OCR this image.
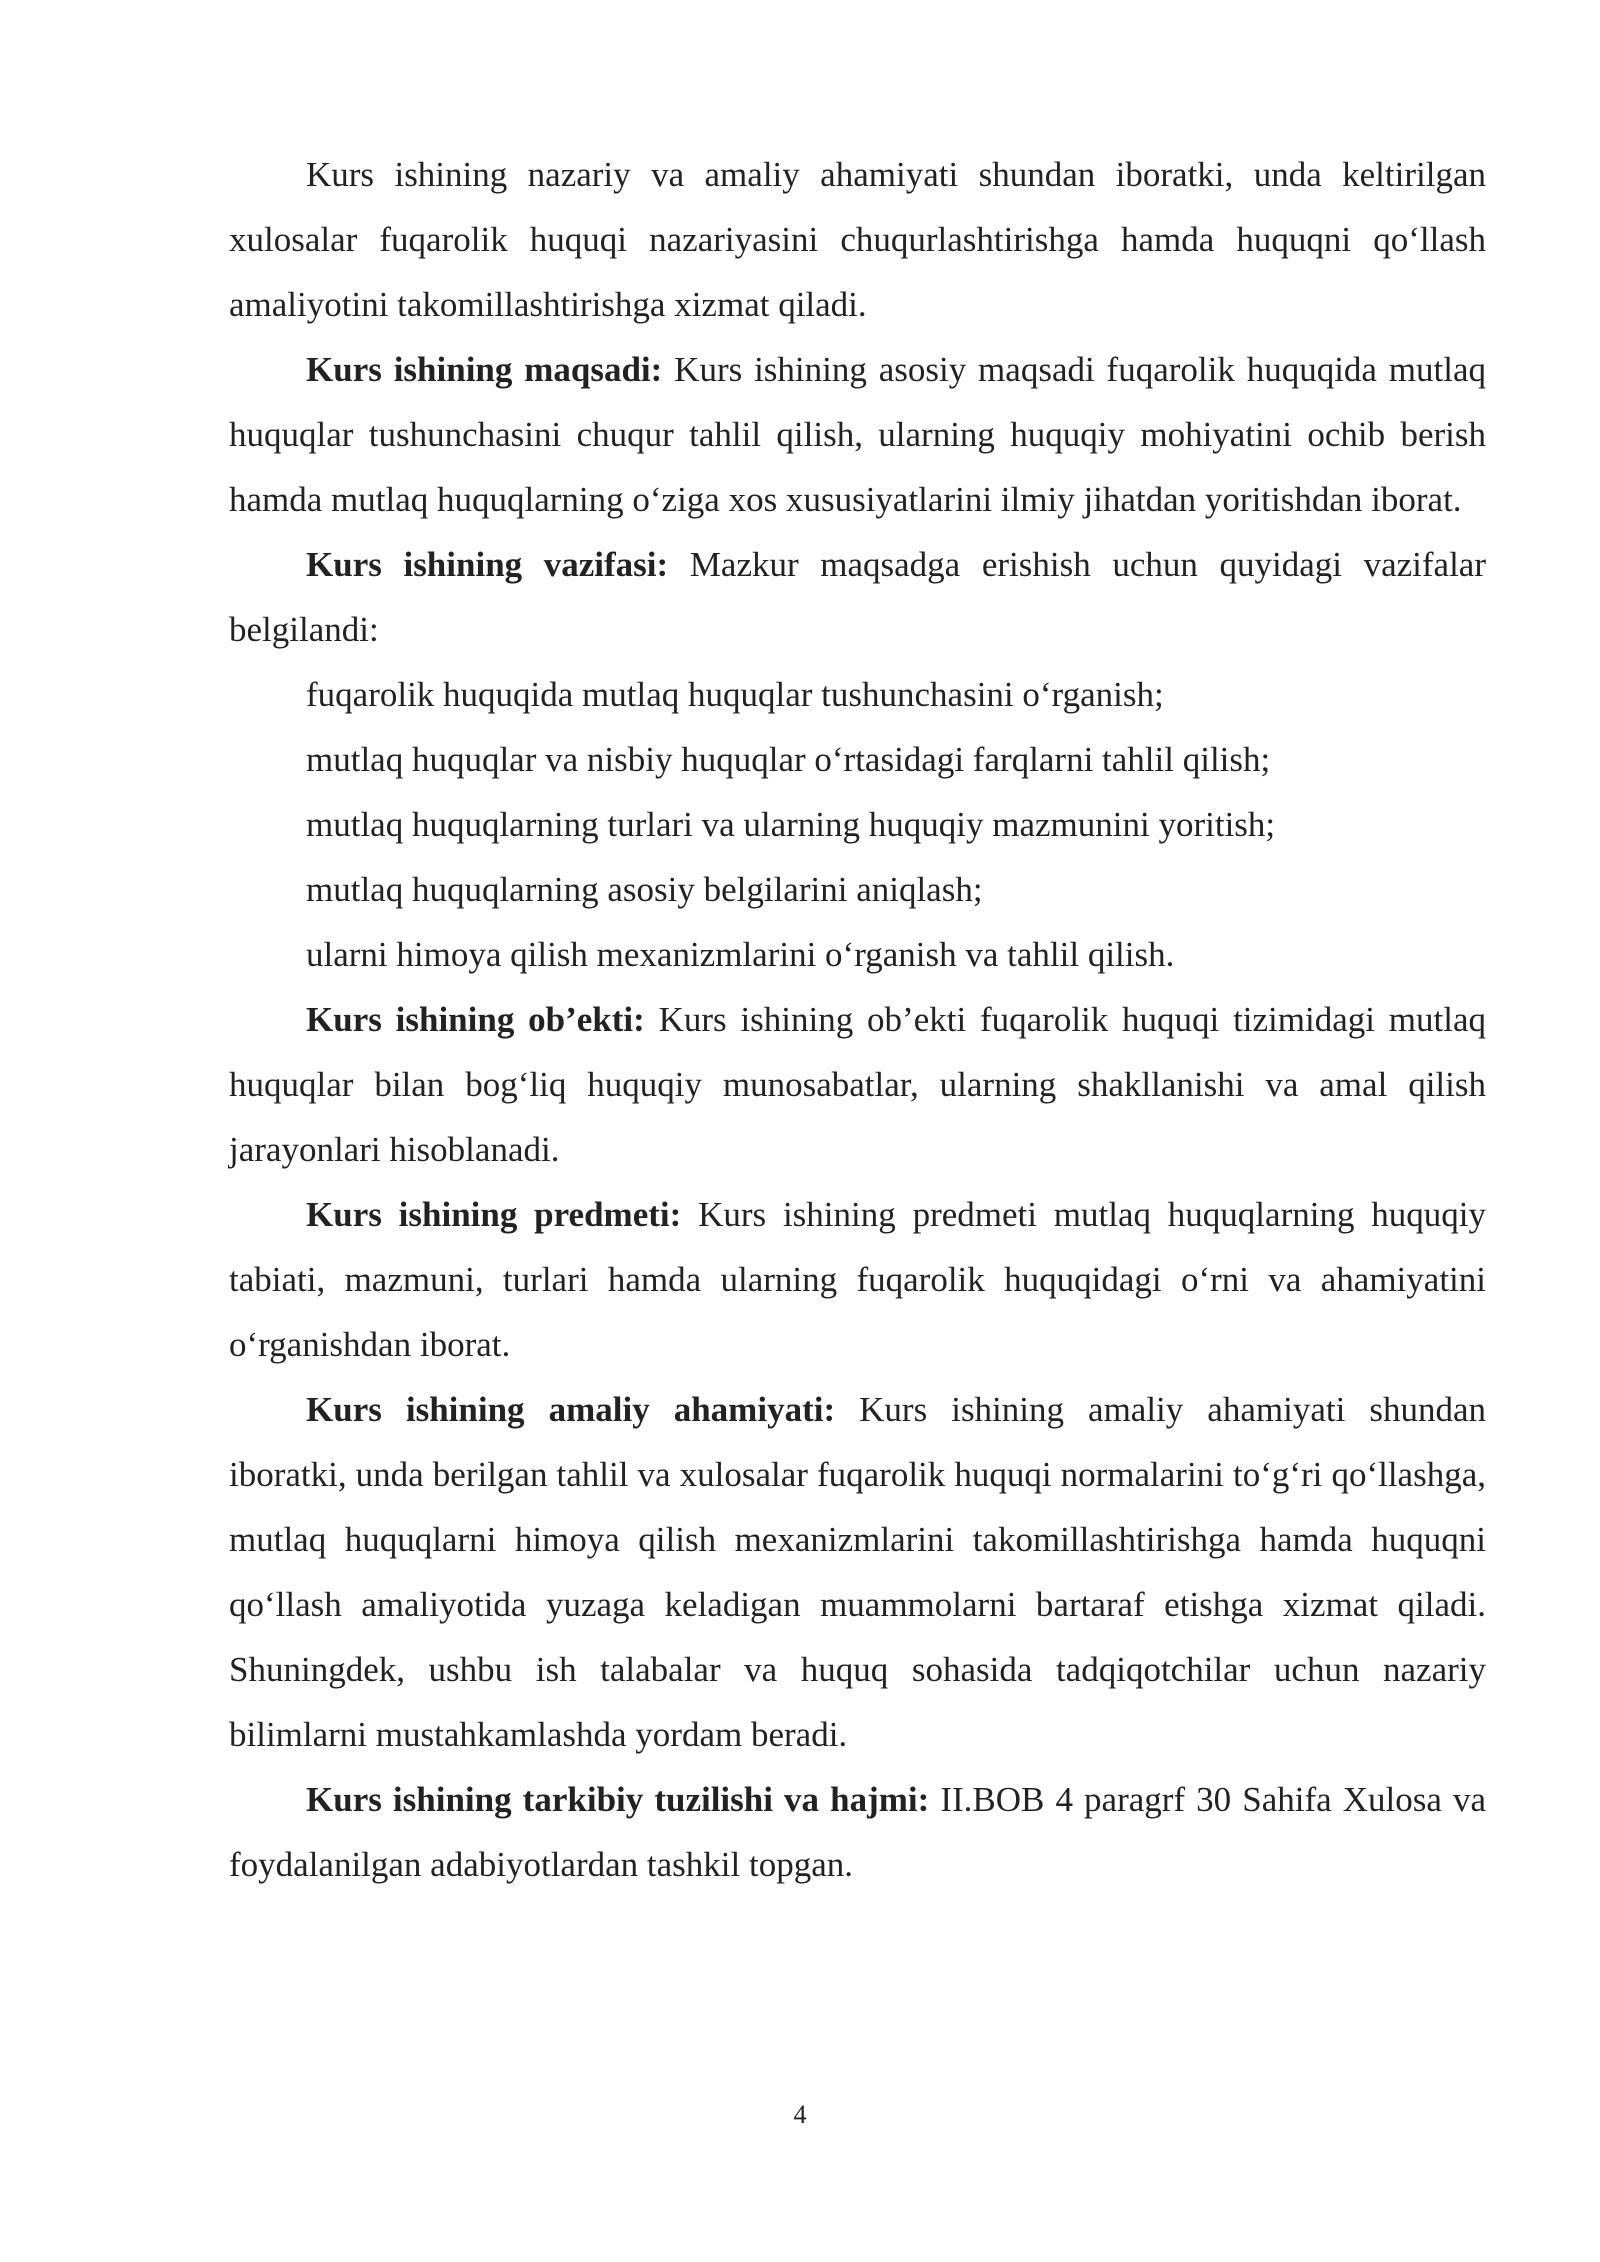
Kurs ishining nazariy va amaliy ahamiyati shundan iboratki, unda keltirilgan xulosalar fuqarolik huquqi nazariyasini chuqurlashtirishga hamda huquqni qo‘llash amaliyotini takomillashtirishga xizmat qiladi.

Kurs ishining maqsadi: Kurs ishining asosiy maqsadi fuqarolik huquqida mutlaq huquqlar tushunchasini chuqur tahlil qilish, ularning huquqiy mohiyatini ochib berish hamda mutlaq huquqlarning o‘ziga xos xususiyatlarini ilmiy jihatdan yoritishdan iborat.

Kurs ishining vazifasi: Mazkur maqsadga erishish uchun quyidagi vazifalar belgilandi:

fuqarolik huquqida mutlaq huquqlar tushunchasini o‘rganish;

mutlaq huquqlar va nisbiy huquqlar o‘rtasidagi farqlarni tahlil qilish;

mutlaq huquqlarning turlari va ularning huquqiy mazmunini yoritish;

mutlaq huquqlarning asosiy belgilarini aniqlash;

ularni himoya qilish mexanizmlarini o‘rganish va tahlil qilish.

Kurs ishining ob’ekti: Kurs ishining ob’ekti fuqarolik huquqi tizimidagi mutlaq huquqlar bilan bog‘liq huquqiy munosabatlar, ularning shakllanishi va amal qilish jarayonlari hisoblanadi.

Kurs ishining predmeti: Kurs ishining predmeti mutlaq huquqlarning huquqiy tabiati, mazmuni, turlari hamda ularning fuqarolik huquqidagi o‘rni va ahamiyatini o‘rganishdan iborat.

Kurs ishining amaliy ahamiyati: Kurs ishining amaliy ahamiyati shundan iboratki, unda berilgan tahlil va xulosalar fuqarolik huquqi normalarini to‘g‘ri qo‘llashga, mutlaq huquqlarni himoya qilish mexanizmlarini takomillashtirishga hamda huquqni qo‘llash amaliyotida yuzaga keladigan muammolarni bartaraf etishga xizmat qiladi. Shuningdek, ushbu ish talabalar va huquq sohasida tadqiqotchilar uchun nazariy bilimlarni mustahkamlashda yordam beradi.

Kurs ishining tarkibiy tuzilishi va hajmi: II.BOB 4 paragrf 30 Sahifa Xulosa va foydalanilgan adabiyotlardan tashkil topgan.

4
